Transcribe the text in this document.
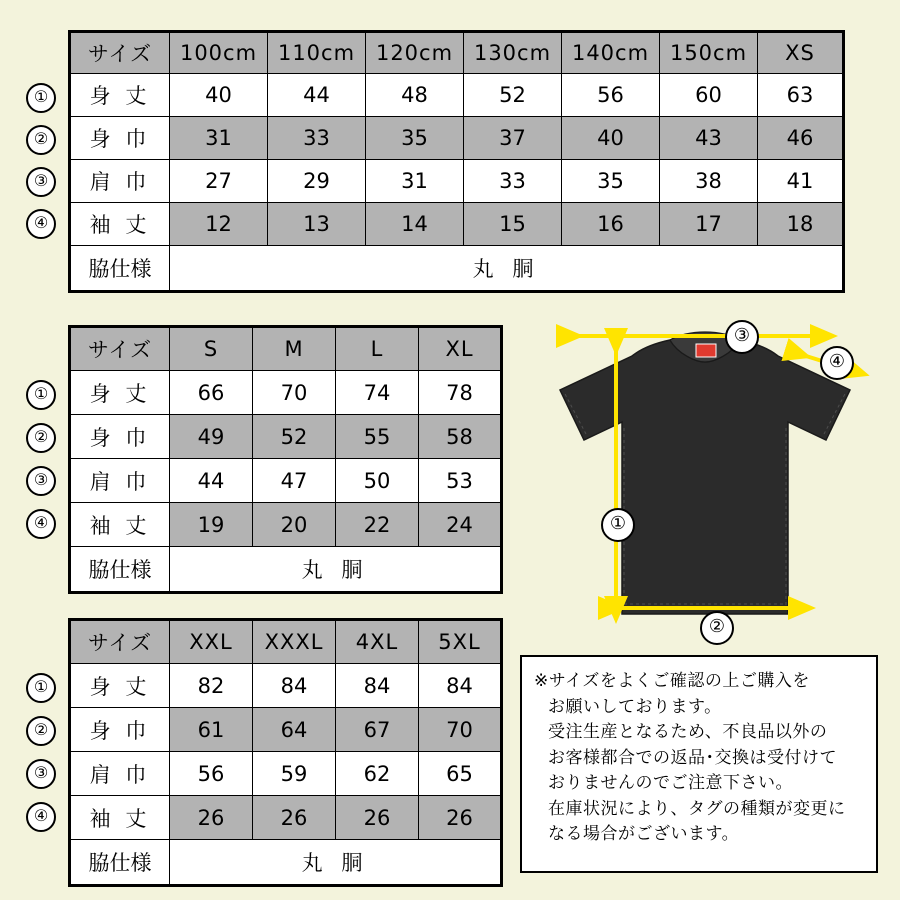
サイズ	100cm	110cm	120cm	130cm	140cm	150cm	XS
身 丈	40	44	48	52	56	60	63
身 巾	31	33	35	37	40	43	46
肩 巾	27	29	31	33	35	38	41
袖 丈	12	13	14	15	16	17	18
脇仕様	丸 胴						
①
②
③
④
サイズ	S	M	L	XL
身 丈	66	70	74	78
身 巾	49	52	55	58
肩 巾	44	47	50	53
袖 丈	19	20	22	24
脇仕様	丸 胴			
①
②
③
④
サイズ	XXL	XXXL	4XL	5XL
身 丈	82	84	84	84
身 巾	61	64	67	70
肩 巾	56	59	62	65
袖 丈	26	26	26	26
脇仕様	丸 胴			
①
②
③
④
③
④
①
②

※サイズをよくご確認の上ご購入を

お願いしております。

受注生産となるため、不良品以外の

お客様都合での返品･交換は受付けて

おりませんのでご注意下さい。

在庫状況により、タグの種類が変更に

なる場合がございます。
